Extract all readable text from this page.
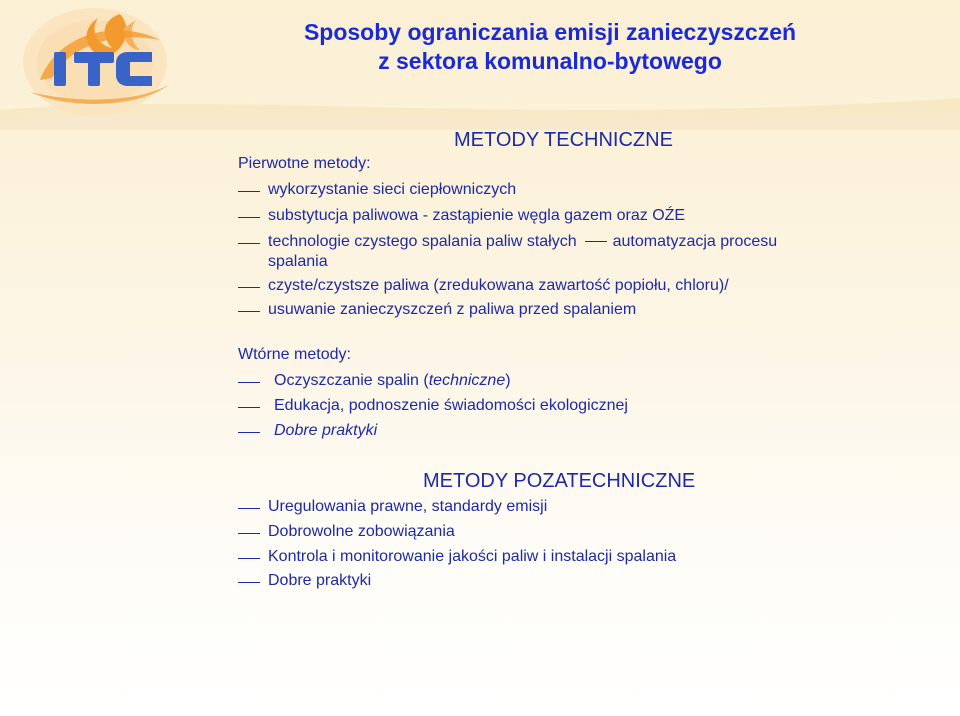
Sposoby ograniczania emisji zanieczyszczeń
z sektora komunalno-bytowego
METODY TECHNICZNE
Pierwotne metody:
wykorzystanie sieci ciepłowniczych
substytucja paliwowa - zastąpienie węgla gazem oraz OŹE
technologie czystego spalania paliw stałych automatyzacja procesu
spalania
czyste/czystsze paliwa (zredukowana zawartość popiołu, chloru)/
usuwanie zanieczyszczeń z paliwa przed spalaniem
Wtórne metody:
Oczyszczanie spalin (techniczne)
Edukacja, podnoszenie świadomości ekologicznej
Dobre praktyki
METODY POZATECHNICZNE
Uregulowania prawne, standardy emisji
Dobrowolne zobowiązania
Kontrola i monitorowanie jakości paliw i instalacji spalania
Dobre praktyki
